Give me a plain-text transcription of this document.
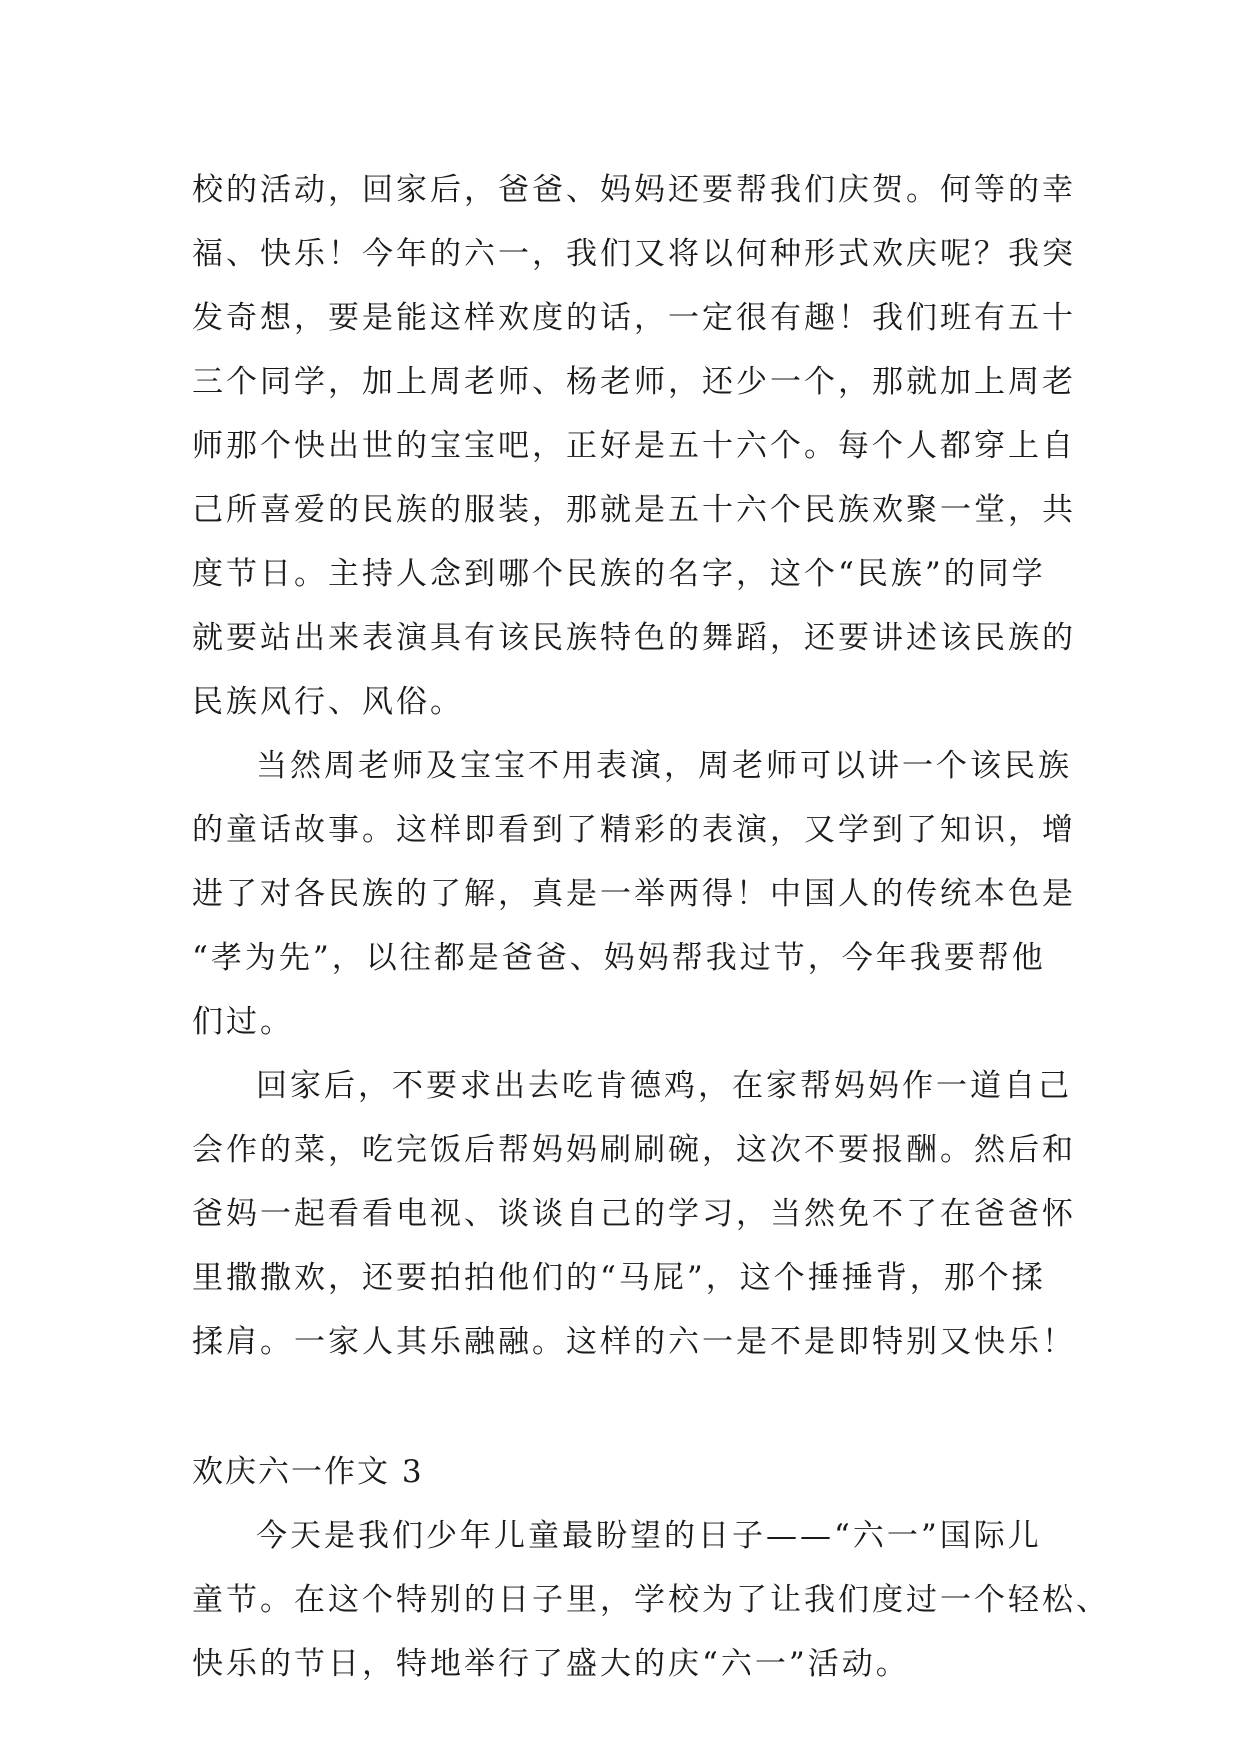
校的活动，回家后，爸爸、妈妈还要帮我们庆贺。何等的幸
福、快乐！今年的六一，我们又将以何种形式欢庆呢？我突
发奇想，要是能这样欢度的话，一定很有趣！我们班有五十
三个同学，加上周老师、杨老师，还少一个，那就加上周老
师那个快出世的宝宝吧，正好是五十六个。每个人都穿上自
己所喜爱的民族的服装，那就是五十六个民族欢聚一堂，共
度节日。主持人念到哪个民族的名字，这个“民族”的同学
就要站出来表演具有该民族特色的舞蹈，还要讲述该民族的
民族风行、风俗。
当然周老师及宝宝不用表演，周老师可以讲一个该民族
的童话故事。这样即看到了精彩的表演，又学到了知识，增
进了对各民族的了解，真是一举两得！中国人的传统本色是
“孝为先”，以往都是爸爸、妈妈帮我过节，今年我要帮他
们过。
回家后，不要求出去吃肯德鸡，在家帮妈妈作一道自己
会作的菜，吃完饭后帮妈妈刷刷碗，这次不要报酬。然后和
爸妈一起看看电视、谈谈自己的学习，当然免不了在爸爸怀
里撒撒欢，还要拍拍他们的“马屁”，这个捶捶背，那个揉
揉肩。一家人其乐融融。这样的六一是不是即特别又快乐！
欢庆六一作文 3
今天是我们少年儿童最盼望的日子——“六一”国际儿
童节。在这个特别的日子里，学校为了让我们度过一个轻松、
快乐的节日，特地举行了盛大的庆“六一”活动。
